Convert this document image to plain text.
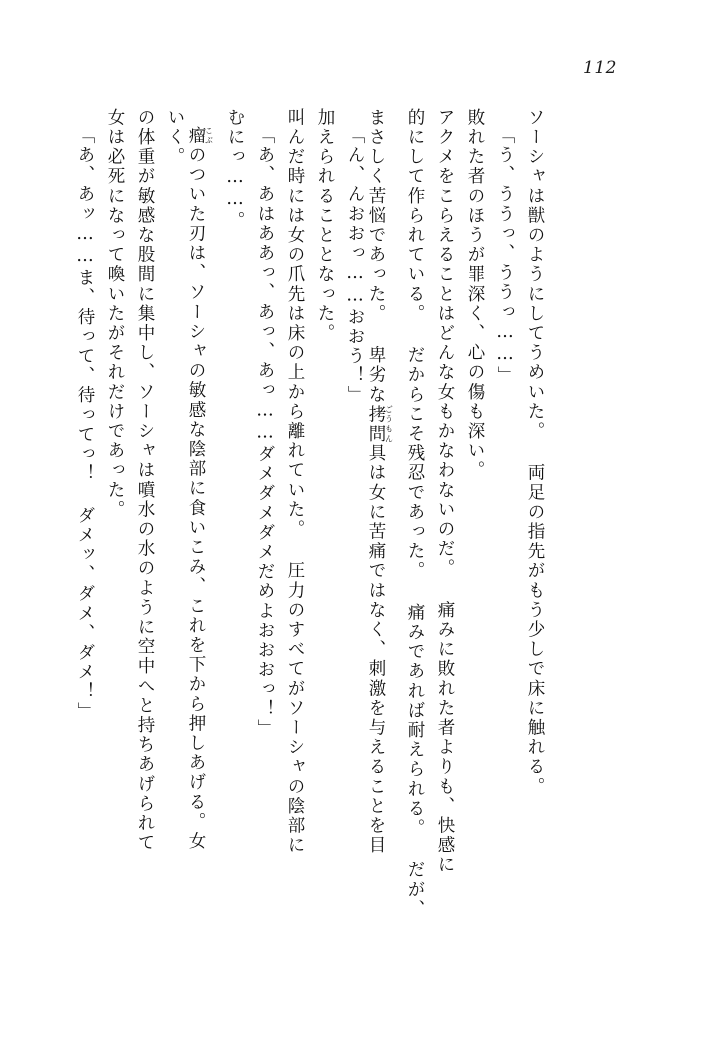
112
「あ、あッ……ま、待って、待ってっ！ ダメッ、ダメ、ダメ！」 女は必死になって喚いたがそれだけであった。 の体重が敏感な股間に集中し、ソーシャは噴水の水のように空中へと持ちあげられて いく。 瘤こぶのついた刃は、ソーシャの敏感な陰部に食いこみ、これを下から押しあげる。女	むにっ……。 「あ、あはああっ、あっ、あっ……ダメダメダメだめよおおおっ！」 叫んだ時には女の爪先は床の上から離れていた。 圧力のすべてがソーシャの陰部に 加えられることとなった。 「ん、んおおっ……おおう！」 まさしく苦悩であった。 卑劣な拷問ごうもん具は女に苦痛ではなく、刺激を与えることを目	的にして作られている。 だからこそ残忍であった。 痛みであれば耐えられる。 だが、 アクメをこらえることはどんな女もかなわないのだ。 痛みに敗れた者よりも、快感に 敗れた者のほうが罪深く、心の傷も深い。 「う、ううっ、ううっ……」 ソーシャは獣のようにしてうめいた。 両足の指先がもう少しで床に触れる。
